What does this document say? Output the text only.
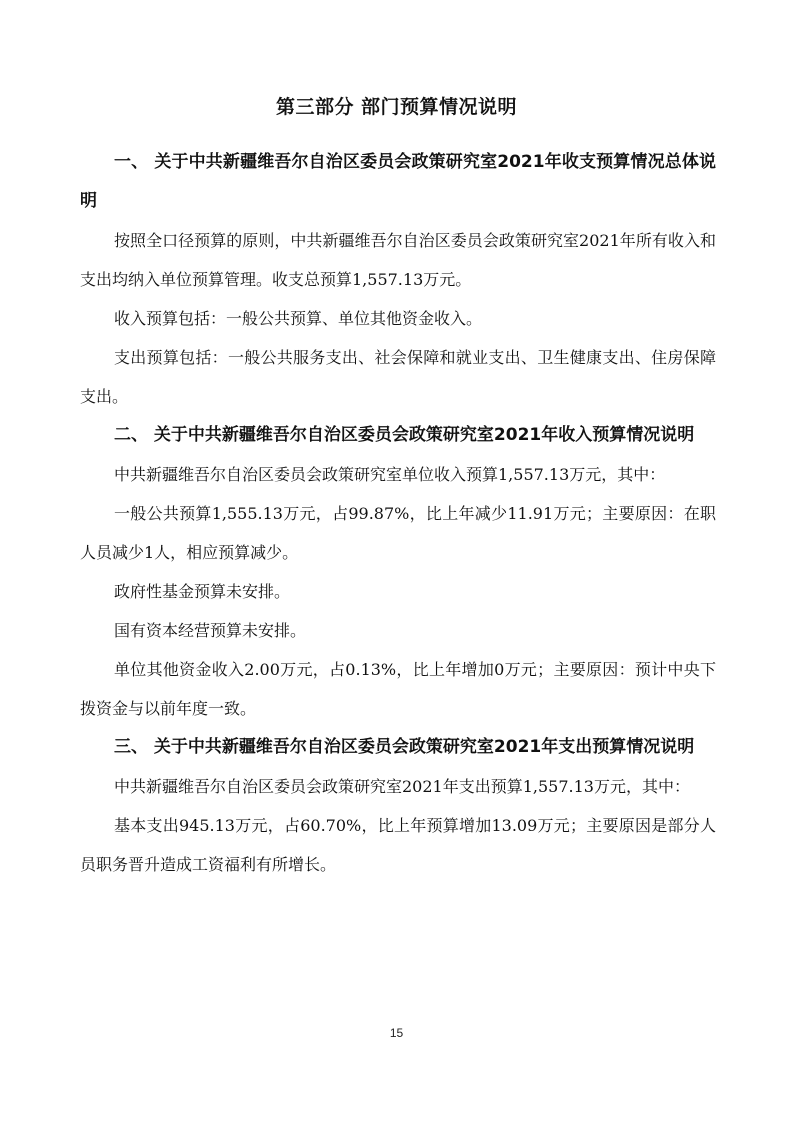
第三部分 部门预算情况说明

一、 关于中共新疆维吾尔自治区委员会政策研究室2021年收支预算情况总体说明

按照全口径预算的原则，中共新疆维吾尔自治区委员会政策研究室2021年所有收入和支出均纳入单位预算管理。收支总预算1,557.13万元。

收入预算包括：一般公共预算、单位其他资金收入。

支出预算包括：一般公共服务支出、社会保障和就业支出、卫生健康支出、住房保障支出。

二、 关于中共新疆维吾尔自治区委员会政策研究室2021年收入预算情况说明

中共新疆维吾尔自治区委员会政策研究室单位收入预算1,557.13万元，其中：

一般公共预算1,555.13万元，占99.87%，比上年减少11.91万元；主要原因：在职人员减少1人，相应预算减少。

政府性基金预算未安排。

国有资本经营预算未安排。

单位其他资金收入2.00万元，占0.13%，比上年增加0万元；主要原因：预计中央下拨资金与以前年度一致。

三、 关于中共新疆维吾尔自治区委员会政策研究室2021年支出预算情况说明

中共新疆维吾尔自治区委员会政策研究室2021年支出预算1,557.13万元，其中：

基本支出945.13万元，占60.70%，比上年预算增加13.09万元；主要原因是部分人员职务晋升造成工资福利有所增长。

15
